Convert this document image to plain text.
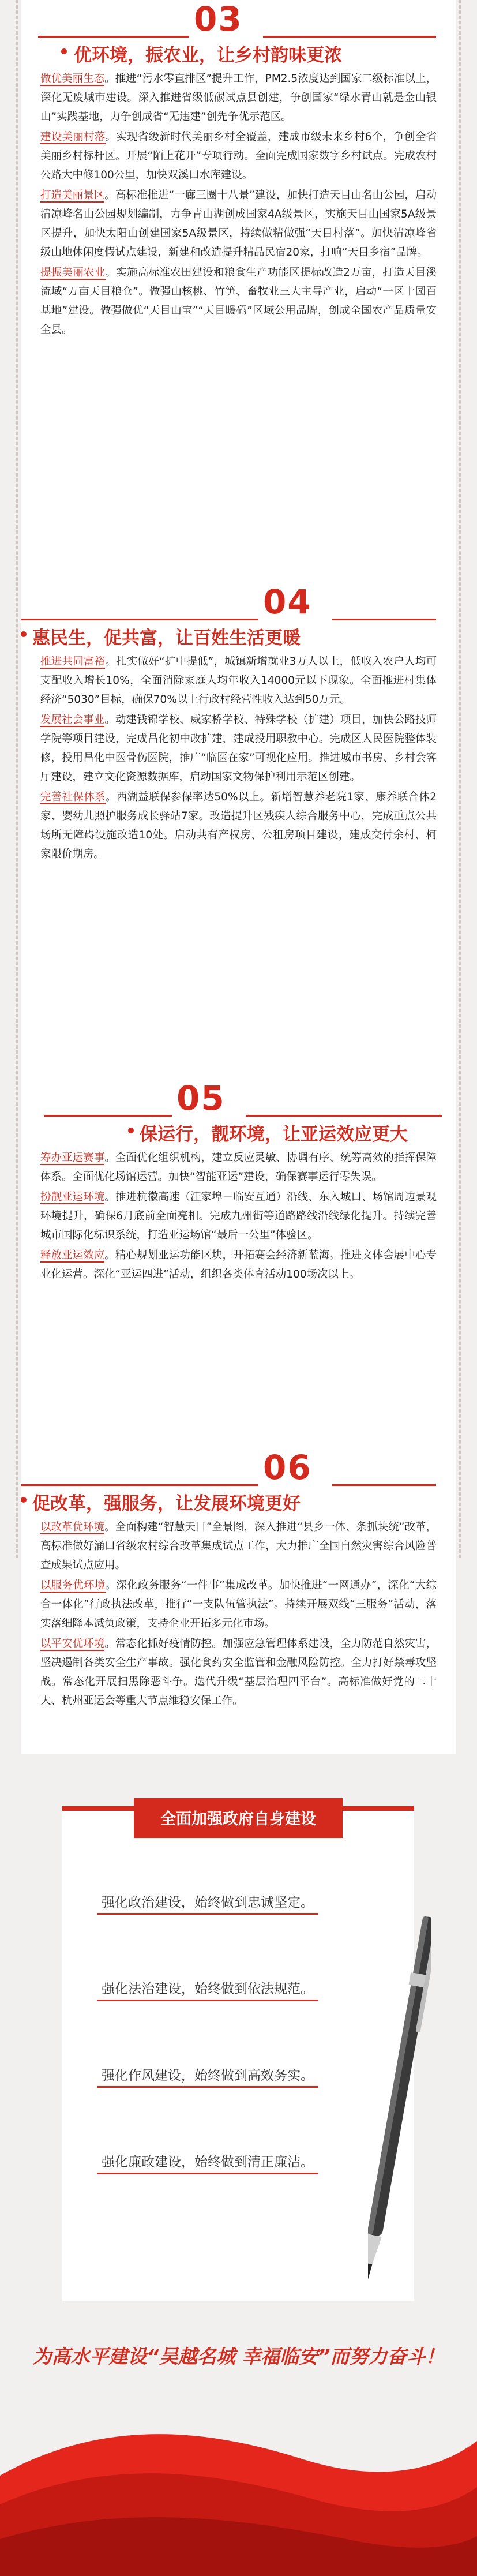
03
优环境，振农业，让乡村韵味更浓

做优美丽生态。推进“污水零直排区”提升工作，PM2.5浓度达到国家二级标准以上，深化无废城市建设。深入推进省级低碳试点县创建，争创国家“绿水青山就是金山银山”实践基地，力争创成省“无违建”创先争优示范区。

建设美丽村落。实现省级新时代美丽乡村全覆盖，建成市级未来乡村6个，争创全省美丽乡村标杆区。开展“陌上花开”专项行动。全面完成国家数字乡村试点。完成农村公路大中修100公里，加快双溪口水库建设。

打造美丽景区。高标准推进“一廊三圈十八景”建设，加快打造天目山名山公园，启动清凉峰名山公园规划编制，力争青山湖创成国家4A级景区，实施天目山国家5A级景区提升，加快太阳山创建国家5A级景区，持续做精做强“天目村落”。加快清凉峰省级山地休闲度假试点建设，新建和改造提升精品民宿20家，打响“天目乡宿”品牌。

提振美丽农业。实施高标准农田建设和粮食生产功能区提标改造2万亩，打造天目溪流域“万亩天目粮仓”。做强山核桃、竹笋、畜牧业三大主导产业，启动“一区十园百基地”建设。做强做优“天目山宝”“天目暖码”区域公用品牌，创成全国农产品质量安全县。

04
惠民生，促共富，让百姓生活更暖

推进共同富裕。扎实做好“扩中提低”，城镇新增就业3万人以上，低收入农户人均可支配收入增长10%，全面消除家庭人均年收入14000元以下现象。全面推进村集体经济“5030”目标，确保70%以上行政村经营性收入达到50万元。

发展社会事业。动建钱锦学校、威家桥学校、特殊学校（扩建）项目，加快公路技师学院等项目建设，完成昌化初中改扩建，建成投用职教中心。完成区人民医院整体装修，投用昌化中医骨伤医院，推广“临医在家”可视化应用。推进城市书房、乡村会客厅建设，建立文化资源数据库，启动国家文物保护利用示范区创建。

完善社保体系。西湖益联保参保率达50%以上。新增智慧养老院1家、康养联合体2家、婴幼儿照护服务成长驿站7家。改造提升区残疾人综合服务中心，完成重点公共场所无障碍设施改造10处。启动共有产权房、公租房项目建设，建成交付余村、柯家限价期房。

05
保运行，靓环境，让亚运效应更大

筹办亚运赛事。全面优化组织机构，建立反应灵敏、协调有序、统筹高效的指挥保障体系。全面优化场馆运营。加快“智能亚运”建设，确保赛事运行零失误。

扮靓亚运环境。推进杭徽高速（汪家埠－临安互通）沿线、东入城口、场馆周边景观环境提升，确保6月底前全面亮相。完成九州街等道路路线沿线绿化提升。持续完善城市国际化标识系统，打造亚运场馆“最后一公里”体验区。

释放亚运效应。精心规划亚运功能区块，开拓赛会经济新蓝海。推进文体会展中心专业化运营。深化“亚运四进”活动，组织各类体育活动100场次以上。

06
促改革，强服务，让发展环境更好

以改革优环境。全面构建“智慧天目”全景图，深入推进“县乡一体、条抓块统”改革，高标准做好涌口省级农村综合改革集成试点工作，大力推广全国自然灾害综合风险普查成果试点应用。

以服务优环境。深化政务服务“一件事”集成改革。加快推进“一网通办”，深化“大综合一体化”行政执法改革，推行“一支队伍管执法”。持续开展双线“三服务”活动，落实落细降本减负政策，支持企业开拓多元化市场。

以平安优环境。常态化抓好疫情防控。加强应急管理体系建设，全力防范自然灾害，坚决遏制各类安全生产事故。强化食药安全监管和金融风险防控。全力打好禁毒攻坚战。常态化开展扫黑除恶斗争。迭代升级“基层治理四平台”。高标准做好党的二十大、杭州亚运会等重大节点维稳安保工作。

全面加强政府自身建设
强化政治建设，始终做到忠诚坚定。
强化法治建设，始终做到依法规范。
强化作风建设，始终做到高效务实。
强化廉政建设，始终做到清正廉洁。
为高水平建设“吴越名城 幸福临安”而努力奋斗！
